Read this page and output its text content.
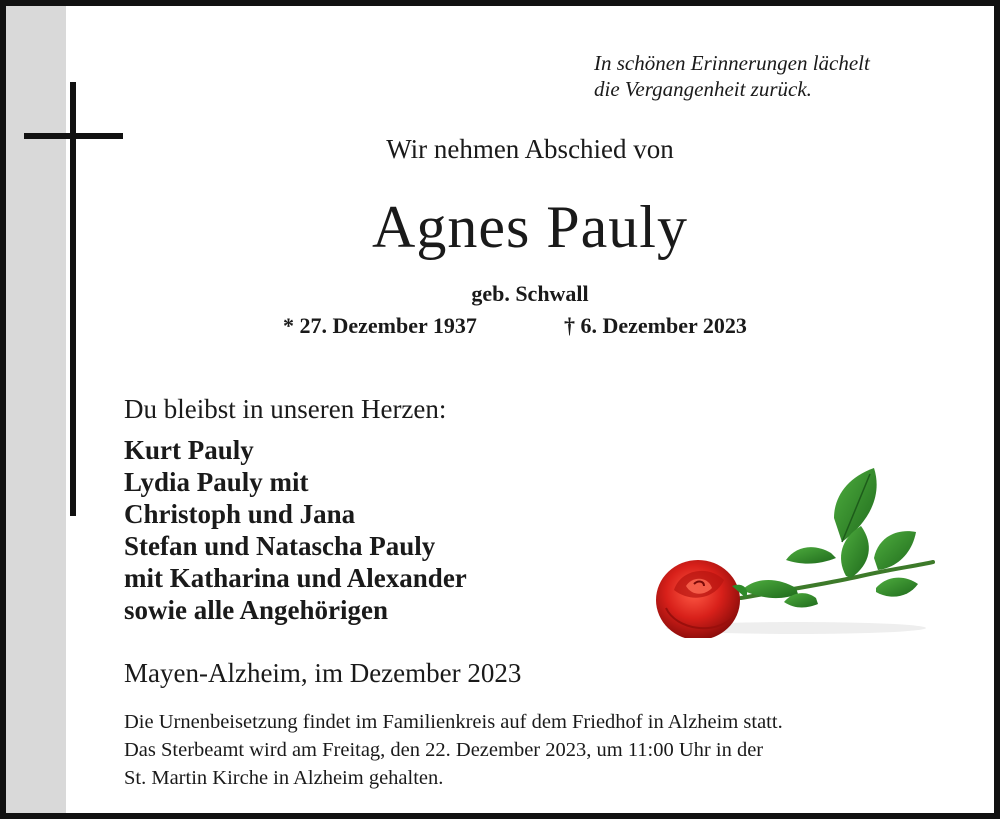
In schönen Erinnerungen lächelt
die Vergangenheit zurück.
Wir nehmen Abschied von
Agnes Pauly
geb. Schwall
* 27. Dezember 1937	† 6. Dezember 2023
Du bleibst in unseren Herzen:
Kurt Pauly
Lydia Pauly mit
Christoph und Jana
Stefan und Natascha Pauly
mit Katharina und Alexander
sowie alle Angehörigen
Mayen-Alzheim, im Dezember 2023
Die Urnenbeisetzung findet im Familienkreis auf dem Friedhof in Alzheim statt.
Das Sterbeamt wird am Freitag, den 22. Dezember 2023, um 11:00 Uhr in der
St. Martin Kirche in Alzheim gehalten.
